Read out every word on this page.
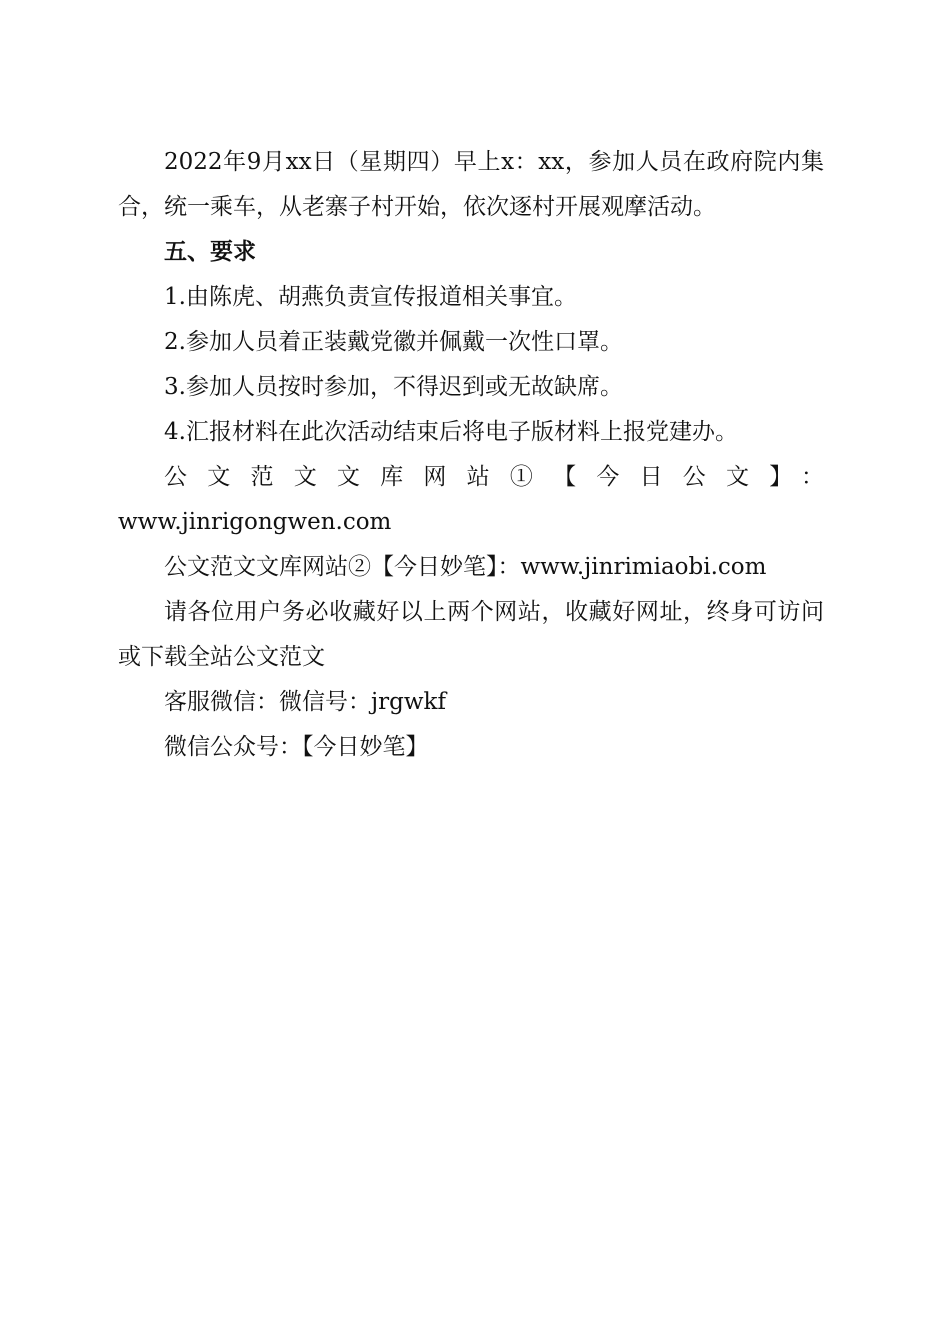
2022年9月xx日（星期四）早上x：xx，参加人员在政府院内集合，统一乘车，从老寨子村开始，依次逐村开展观摩活动。

五、要求

1.由陈虎、胡燕负责宣传报道相关事宜。

2.参加人员着正装戴党徽并佩戴一次性口罩。

3.参加人员按时参加，不得迟到或无故缺席。

4.汇报材料在此次活动结束后将电子版材料上报党建办。

公文范文文库网站①【今日公文】：

www.jinrigongwen.com

公文范文文库网站②【今日妙笔】：www.jinrimiaobi.com

请各位用户务必收藏好以上两个网站，收藏好网址，终身可访问或下载全站公文范文

客服微信：微信号：jrgwkf

微信公众号：【今日妙笔】
